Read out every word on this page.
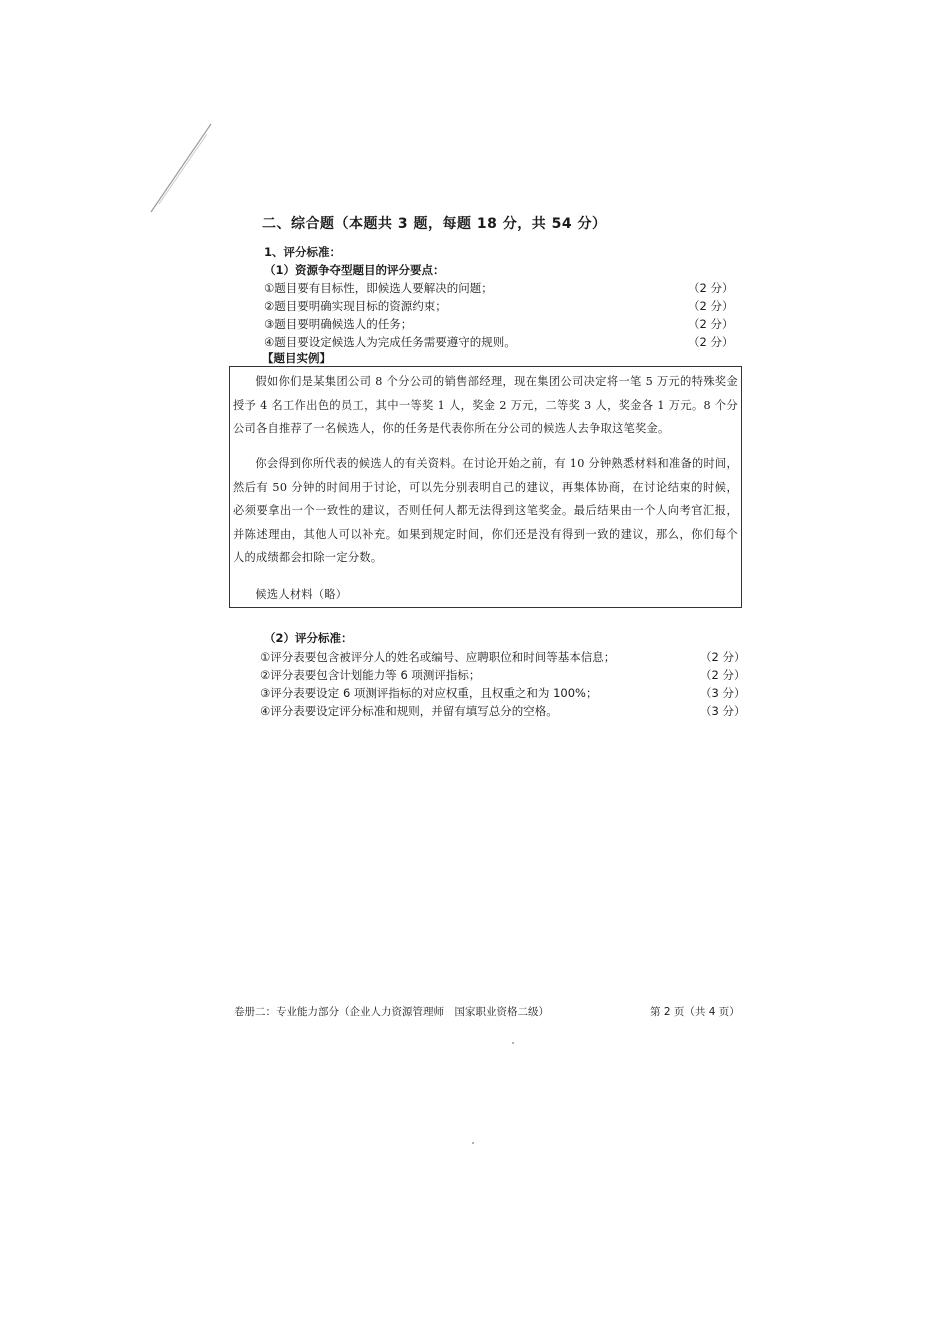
二、综合题（本题共 3 题，每题 18 分，共 54 分）
1、评分标准：
（1）资源争夺型题目的评分要点：
①题目要有目标性，即候选人要解决的问题；	（2 分）
②题目要明确实现目标的资源约束；	（2 分）
③题目要明确候选人的任务；	（2 分）
④题目要设定候选人为完成任务需要遵守的规则。	（2 分）
【题目实例】
假如你们是某集团公司 8 个分公司的销售部经理，现在集团公司决定将一笔 5 万元的特殊奖金授予 4 名工作出色的员工，其中一等奖 1 人，奖金 2 万元，二等奖 3 人，奖金各 1 万元。8 个分公司各自推荐了一名候选人，你的任务是代表你所在分公司的候选人去争取这笔奖金。
你会得到你所代表的候选人的有关资料。在讨论开始之前，有 10 分钟熟悉材料和准备的时间，然后有 50 分钟的时间用于讨论，可以先分别表明自己的建议，再集体协商，在讨论结束的时候，必须要拿出一个一致性的建议，否则任何人都无法得到这笔奖金。最后结果由一个人向考官汇报，并陈述理由，其他人可以补充。如果到规定时间，你们还是没有得到一致的建议，那么，你们每个人的成绩都会扣除一定分数。
候选人材料（略）
（2）评分标准：
①评分表要包含被评分人的姓名或编号、应聘职位和时间等基本信息；	（2 分）
②评分表要包含计划能力等 6 项测评指标；	（2 分）
③评分表要设定 6 项测评指标的对应权重，且权重之和为 100%；	（3 分）
④评分表要设定评分标准和规则，并留有填写总分的空格。	（3 分）
卷册二：专业能力部分（企业人力资源管理师　国家职业资格二级）	第 2 页（共 4 页）
